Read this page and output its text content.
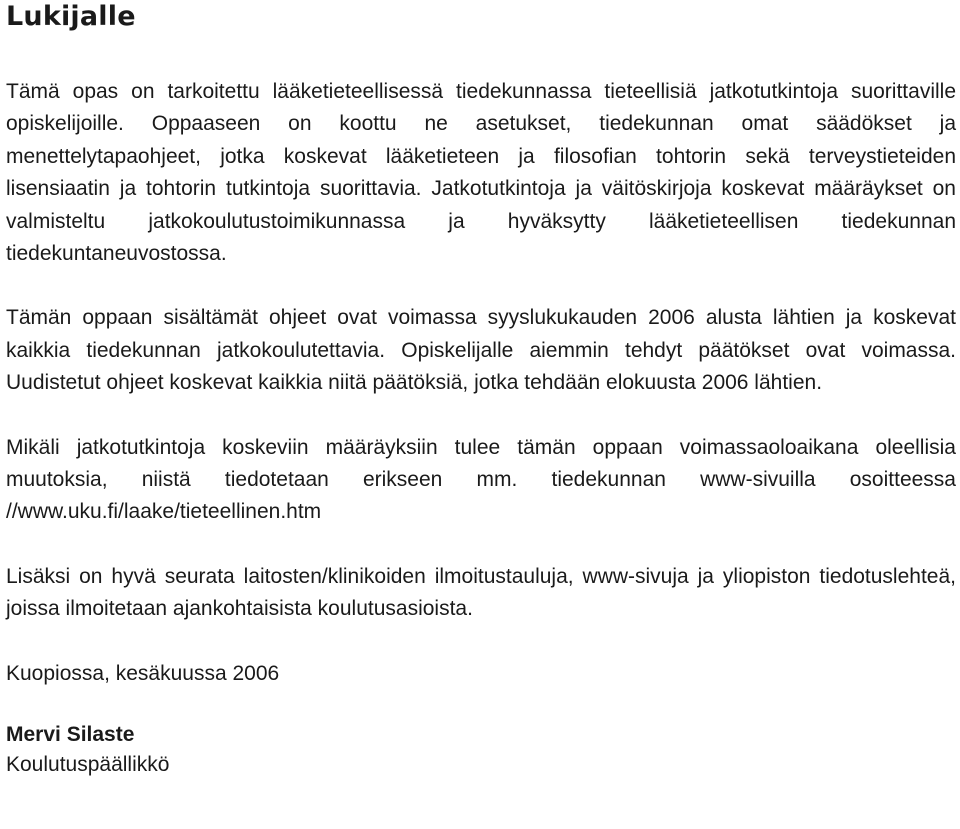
Lukijalle

Tämä opas on tarkoitettu lääketieteellisessä tiedekunnassa tieteellisiä jatkotutkintoja suorittaville opiskelijoille. Oppaaseen on koottu ne asetukset, tiedekunnan omat säädökset ja menettelytapaohjeet, jotka koskevat lääketieteen ja filosofian tohtorin sekä terveystieteiden lisensiaatin ja tohtorin tutkintoja suorittavia. Jatkotutkintoja ja väitöskirjoja koskevat määräykset on valmisteltu jatkokoulutustoimikunnassa ja hyväksytty lääketieteellisen tiedekunnan tiedekuntaneuvostossa.

Tämän oppaan sisältämät ohjeet ovat voimassa syyslukukauden 2006 alusta lähtien ja koskevat kaikkia tiedekunnan jatkokoulutettavia. Opiskelijalle aiemmin tehdyt päätökset ovat voimassa. Uudistetut ohjeet koskevat kaikkia niitä päätöksiä, jotka tehdään elokuusta 2006 lähtien.

Mikäli jatkotutkintoja koskeviin määräyksiin tulee tämän oppaan voimassaoloaikana oleellisia muutoksia, niistä tiedotetaan erikseen mm. tiedekunnan www-sivuilla osoitteessa //www.uku.fi/laake/tieteellinen.htm

Lisäksi on hyvä seurata laitosten/klinikoiden ilmoitustauluja, www-sivuja ja yliopiston tiedotuslehteä, joissa ilmoitetaan ajankohtaisista koulutusasioista.

Kuopiossa, kesäkuussa 2006

Mervi Silaste

Koulutuspäällikkö
